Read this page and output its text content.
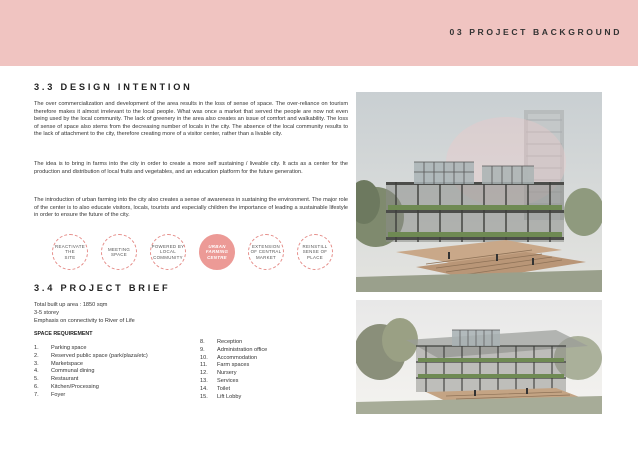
03 PROJECT BACKGROUND
3.3 DESIGN INTENTION

The over commercialization and development of the area results in the loss of sense of space. The over-reliance on tourism therefore makes it almost irrelevant to the local people. What was once a market that served the people are now not even being used by the local community. The lack of greenery in the area also creates an issue of comfort and walkability. The loss of sense of space also stems from the decreasing number of locals in the city. The absence of the local community results to the lack of attachment to the city, therefore creating more of a visitor center, rather than a livable city.

The idea is to bring in farms into the city in order to create a more self sustaining / liveable city. It acts as a center for the production and distribution of local fruits and vegetables, and an education platform for the future generation.

The introduction of urban farming into the city also creates a sense of awareness in sustaining the environment. The major role of the center is to also educate visitors, locals, tourists and especially children the importance of leading a sustainable lifestyle in order to ensure the future of the city.

REACTIVATE
THE
SITE
MEETING
SPACE
POWERED BY
LOCAL
COMMUNITY
URBAN
FARMING
CENTRE
EXTENSION
OF CENTRAL
MARKET
REINSTILL
SENSE OF
PLACE
3.4 PROJECT BRIEF
Total built up area : 1850 sqm
3-5 storey
Emphasis on connectivity to River of Life
SPACE REQUIREMENT
1.	Parking space
2.	Reserved public space (park/plaza/etc)
3.	Marketspace
4.	Communal dining
5.	Restaurant
6.	Kitchen/Processing
7.	Foyer
8.	Reception
9.	Administration office
10.	Accommodation
11.	Farm spaces
12.	Nursery
13.	Services
14.	Toilet
15.	Lift Lobby
